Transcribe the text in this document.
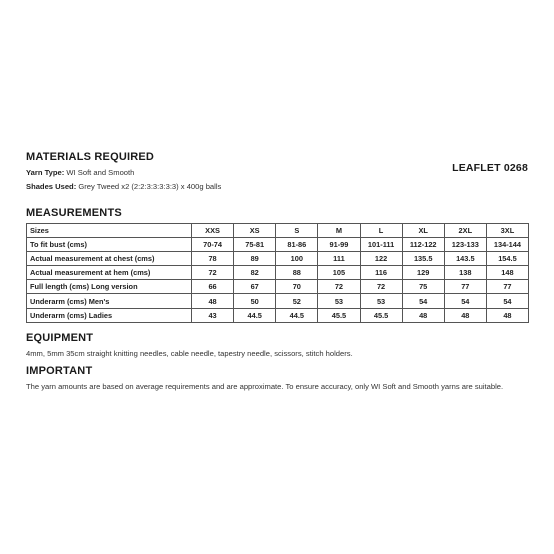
MATERIALS REQUIRED
LEAFLET 0268
Yarn Type: WI Soft and Smooth
Shades Used: Grey Tweed x2 (2:2:3:3:3:3:3) x 400g balls
MEASUREMENTS
Sizes	XXS	XS	S	M	L	XL	2XL	3XL
To fit bust (cms)	70-74	75-81	81-86	91-99	101-111	112-122	123-133	134-144
Actual measurement at chest (cms)	78	89	100	111	122	135.5	143.5	154.5
Actual measurement at hem (cms)	72	82	88	105	116	129	138	148
Full length (cms) Long version	66	67	70	72	72	75	77	77
Underarm (cms) Men's	48	50	52	53	53	54	54	54
Underarm (cms) Ladies	43	44.5	44.5	45.5	45.5	48	48	48
EQUIPMENT
4mm, 5mm 35cm straight knitting needles, cable needle, tapestry needle, scissors, stitch holders.
IMPORTANT
The yarn amounts are based on average requirements and are approximate. To ensure accuracy, only WI Soft and Smooth yarns are suitable.
